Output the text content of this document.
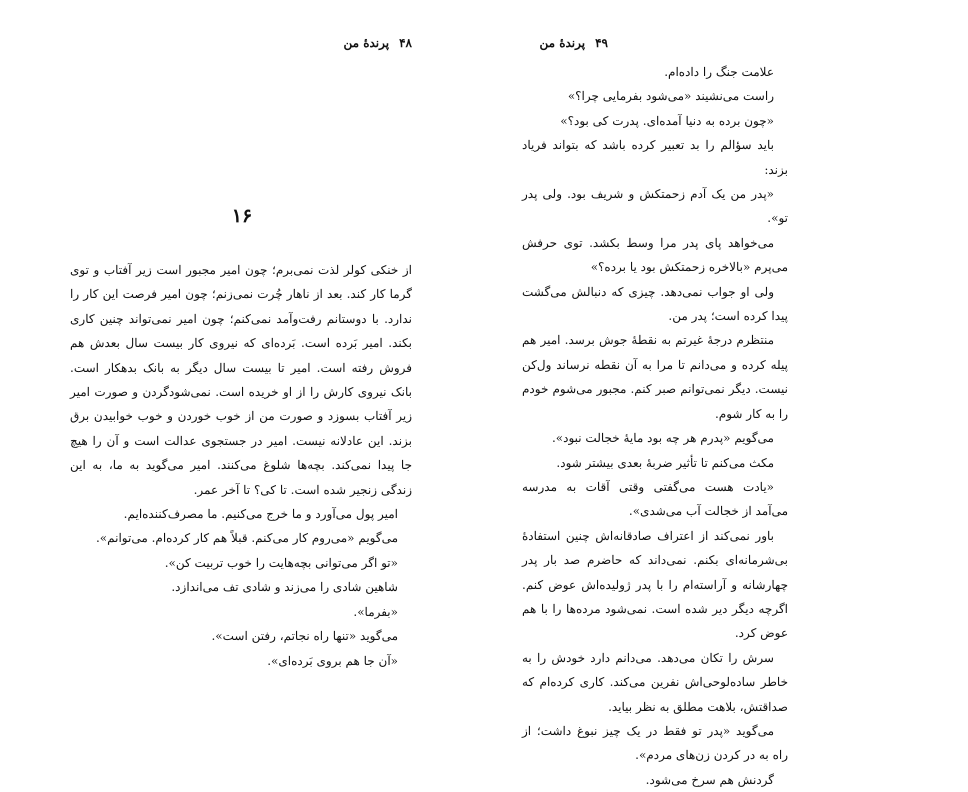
۴۸
پرندهٔ من
۱۶

از خنکی کولر لذت نمی‌برم؛ چون امیر مجبور است زیر آفتاب و توی گرما کار کند. بعد از ناهار چُرت نمی‌زنم؛ چون امیر فرصت این کار را ندارد. با دوستانم رفت‌وآمد نمی‌کنم؛ چون امیر نمی‌تواند چنین کاری بکند. امیر بَرده است. بَرده‌ای که نیروی کار بیست سال بعدش هم فروش رفته است. امیر تا بیست سال دیگر به بانک بدهکار است. بانک نیروی کارش را از او خریده است. نمی‌شودگردن و صورت امیر زیر آفتاب بسوزد و صورت من از خوب خوردن و خوب خوابیدن برق بزند. این عادلانه نیست. امیر در جستجوی عدالت است و آن را هیچ جا پیدا نمی‌کند. بچه‌ها شلوغ می‌کنند. امیر می‌گوید به ما، به این زندگی زنجیر شده است. تا کی؟ تا آخر عمر.

امیر پول می‌آورد و ما خرج می‌کنیم. ما مصرف‌کننده‌ایم.

می‌گویم «می‌روم کار می‌کنم. قبلاً هم کار کرده‌ام. می‌توانم».

«تو اگر می‌توانی بچه‌هایت را خوب تربیت کن».

شاهین شادی را می‌زند و شادی تف می‌اندازد.

«بفرما».

می‌گوید «تنها راه نجاتم، رفتن است».

«آن جا هم بروی بَرده‌ای».

۴۹
پرندهٔ من

علامت جنگ را داده‌ام.

راست می‌نشیند «می‌شود بفرمایی چرا؟»

«چون برده به دنیا آمده‌ای. پدرت کی بود؟»

باید سؤالم را بد تعبیر کرده باشد که بتواند فریاد بزند:

«پدر من یک آدم زحمتکش و شریف بود. ولی پدر تو».

می‌خواهد پای پدر مرا وسط بکشد. توی حرفش می‌پرم «بالاخره زحمتکش بود یا برده؟»

ولی او جواب نمی‌دهد. چیزی که دنبالش می‌گشت پیدا کرده است؛ پدر من.

منتظرم درجهٔ غیرتم به نقطهٔ جوش برسد. امیر هم پیله کرده و می‌دانم تا مرا به آن نقطه نرساند ول‌کن نیست. دیگر نمی‌توانم صبر کنم. مجبور می‌شوم خودم را به کار شوم.

می‌گویم «پدرم هر چه بود مایهٔ خجالت نبود».

مکث می‌کنم تا تأثیر ضربهٔ بعدی بیشتر شود.

«یادت هست می‌گفتی وقتی آقات به مدرسه می‌آمد از خجالت آب می‌شدی».

باور نمی‌کند از اعتراف صادقانه‌اش چنین استفادهٔ بی‌شرمانه‌ای بکنم. نمی‌داند که حاضرم صد بار پدر چهارشانه و آراسته‌ام را با پدر ژولیده‌اش عوض کنم. اگرچه دیگر دیر شده است. نمی‌شود مرده‌ها را با هم عوض کرد.

سرش را تکان می‌دهد. می‌دانم دارد خودش را به خاطر ساده‌لوحی‌اش نفرین می‌کند. کاری کرده‌ام که صداقتش، بلاهت مطلق به نظر بیاید.

می‌گوید «پدر تو فقط در یک چیز نبوغ داشت؛ از راه به در کردن زن‌های مردم».

گردنش هم سرخ می‌شود.
